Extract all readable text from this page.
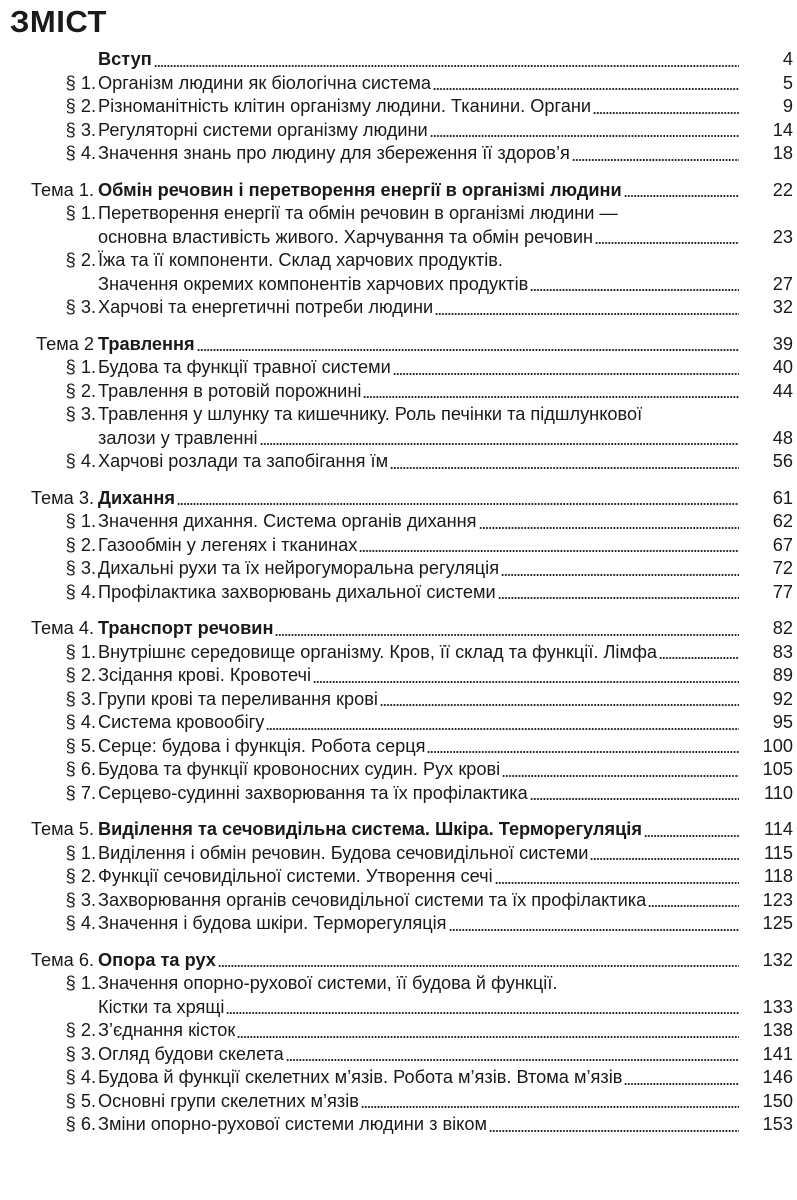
ЗМІСТ
Вступ	4
§ 1. Організм людини як біологічна система	5
§ 2. Різноманітність клітин організму людини. Тканини. Органи	9
§ 3. Регуляторні системи організму людини	14
§ 4. Значення знань про людину для збереження її здоров’я	18
Тема 1. Обмін речовин і перетворення енергії в організмі людини	22
§ 1. Перетворення енергії та обмін речовин в організмі людини —
основна властивість живого. Харчування та обмін речовин	23
§ 2. Їжа та її компоненти. Склад харчових продуктів.
Значення окремих компонентів харчових продуктів	27
§ 3. Харчові та енергетичні потреби людини	32
Тема 2 Травлення	39
§ 1. Будова та функції травної системи	40
§ 2. Травлення в ротовій порожнині	44
§ 3. Травлення у шлунку та кишечнику. Роль печінки та підшлункової
залози у травленні	48
§ 4. Харчові розлади та запобігання їм	56
Тема 3. Дихання	61
§ 1. Значення дихання. Система органів дихання	62
§ 2. Газообмін у легенях і тканинах	67
§ 3. Дихальні рухи та їх нейрогуморальна регуляція	72
§ 4. Профілактика захворювань дихальної системи	77
Тема 4. Транспорт речовин	82
§ 1. Внутрішнє середовище організму. Кров, її склад та функції. Лімфа	83
§ 2. Зсідання крові. Кровотечі	89
§ 3. Групи крові та переливання крові	92
§ 4. Система кровообігу	95
§ 5. Серце: будова і функція. Робота серця	100
§ 6. Будова та функції кровоносних судин. Рух крові	105
§ 7. Серцево-судинні захворювання та їх профілактика	110
Тема 5. Виділення та сечовидільна система. Шкіра. Терморегуляція	114
§ 1. Виділення і обмін речовин. Будова сечовидільної системи	115
§ 2. Функції сечовидільної системи. Утворення сечі	118
§ 3. Захворювання органів сечовидільної системи та їх профілактика	123
§ 4. Значення і будова шкіри. Терморегуляція	125
Тема 6. Опора та рух	132
§ 1. Значення опорно-рухової системи, її будова й функції.
Кістки та хрящі	133
§ 2. З’єднання кісток	138
§ 3. Огляд будови скелета	141
§ 4. Будова й функції скелетних м’язів. Робота м’язів. Втома м’язів	146
§ 5. Основні групи скелетних м’язів	150
§ 6. Зміни опорно-рухової системи людини з віком	153
